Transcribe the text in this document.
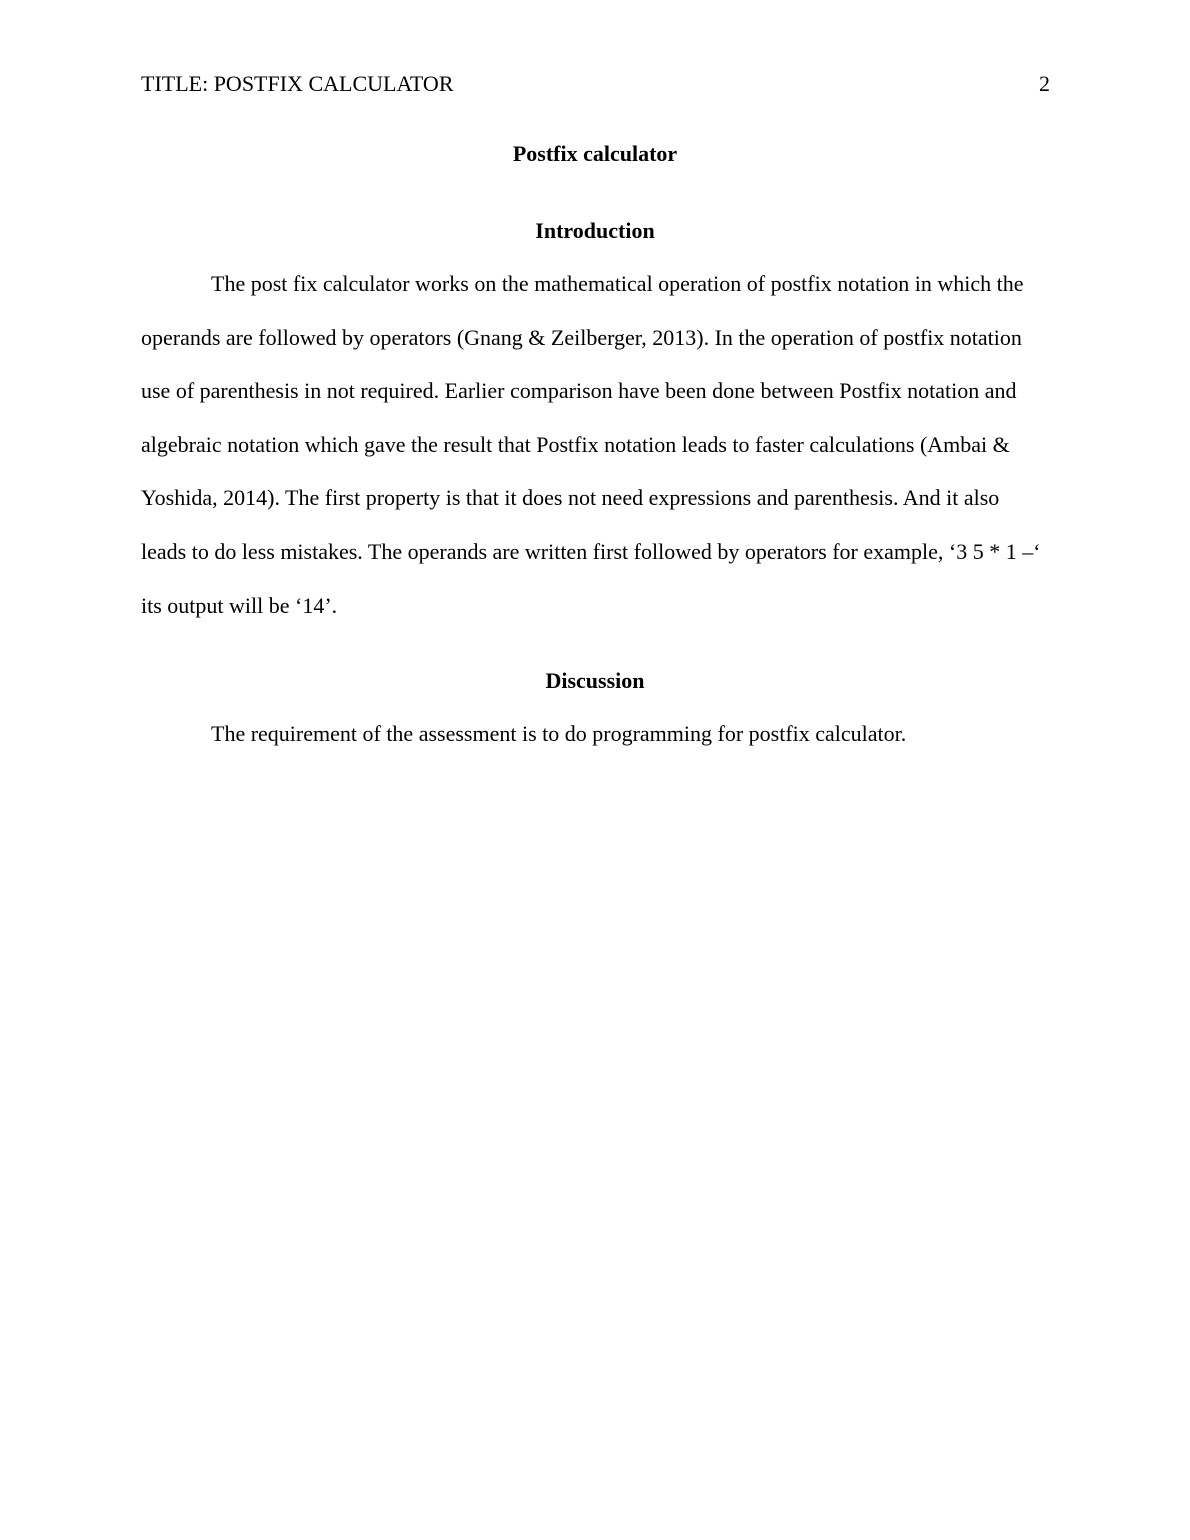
TITLE: POSTFIX CALCULATOR	2
Postfix calculator
Introduction

The post fix calculator works on the mathematical operation of postfix notation in which the operands are followed by operators (Gnang & Zeilberger, 2013). In the operation of postfix notation use of parenthesis in not required. Earlier comparison have been done between Postfix notation and algebraic notation which gave the result that Postfix notation leads to faster calculations (Ambai & Yoshida, 2014). The first property is that it does not need expressions and parenthesis. And it also leads to do less mistakes. The operands are written first followed by operators for example, ‘3 5 * 1 –‘ its output will be ‘14’.

Discussion

The requirement of the assessment is to do programming for postfix calculator.
